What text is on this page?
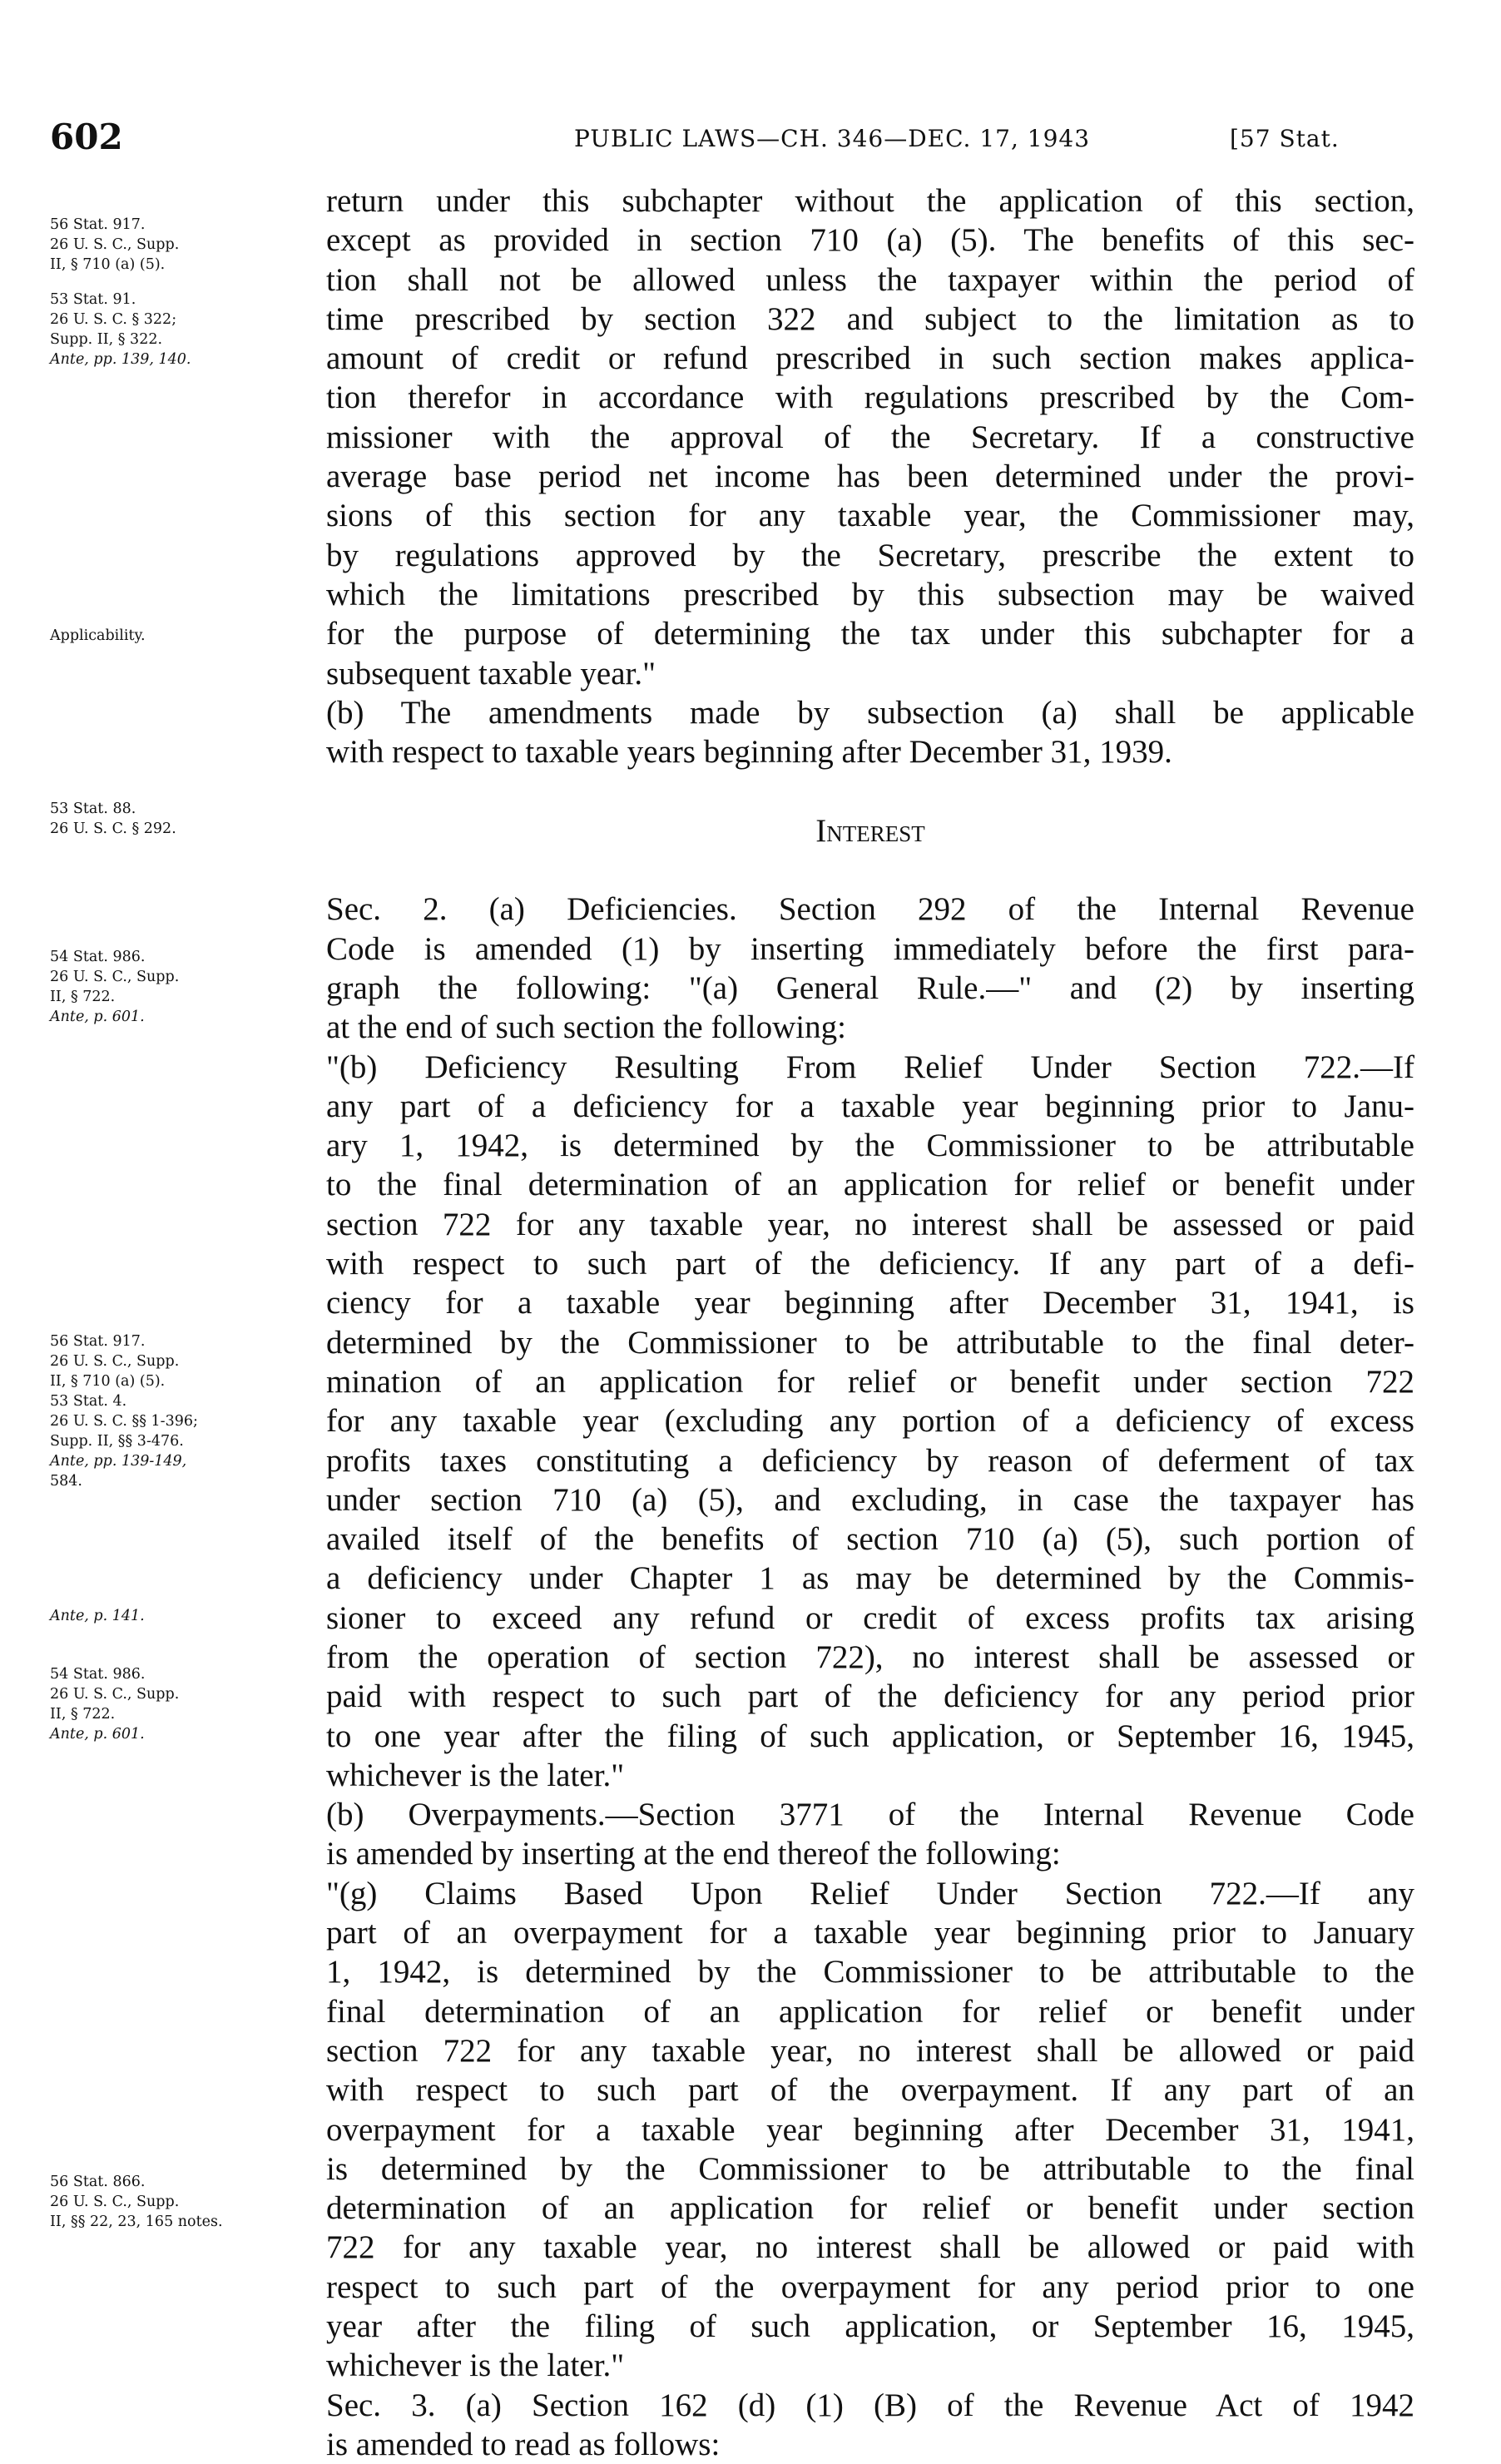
602	PUBLIC LAWS—CH. 346—DEC. 17, 1943	[57 Stat.
56 Stat. 917.
26 U. S. C., Supp.
II, § 710 (a) (5).
53 Stat. 91.
26 U. S. C. § 322;
Supp. II, § 322.
Ante, pp. 139, 140.
Applicability.
53 Stat. 88.
26 U. S. C. § 292.
54 Stat. 986.
26 U. S. C., Supp.
II, § 722.
Ante, p. 601.
56 Stat. 917.
26 U. S. C., Supp.
II, § 710 (a) (5).
53 Stat. 4.
26 U. S. C. §§ 1-396;
Supp. II, §§ 3-476.
Ante, pp. 139-149,
584.
Ante, p. 141.
54 Stat. 986.
26 U. S. C., Supp.
II, § 722.
Ante, p. 601.
56 Stat. 866.
26 U. S. C., Supp.
II, §§ 22, 23, 165 notes.
return under this subchapter without the application of this section,
except as provided in section 710 (a) (5). The benefits of this sec-
tion shall not be allowed unless the taxpayer within the period of
time prescribed by section 322 and subject to the limitation as to
amount of credit or refund prescribed in such section makes applica-
tion therefor in accordance with regulations prescribed by the Com-
missioner with the approval of the Secretary. If a constructive
average base period net income has been determined under the provi-
sions of this section for any taxable year, the Commissioner may,
by regulations approved by the Secretary, prescribe the extent to
which the limitations prescribed by this subsection may be waived
for the purpose of determining the tax under this subchapter for a
subsequent taxable year."
(b) The amendments made by subsection (a) shall be applicable
with respect to taxable years beginning after December 31, 1939.
Interest
Sec. 2. (a) Deficiencies. Section 292 of the Internal Revenue
Code is amended (1) by inserting immediately before the first para-
graph the following: "(a) General Rule.—" and (2) by inserting
at the end of such section the following:
"(b) Deficiency Resulting From Relief Under Section 722.—If
any part of a deficiency for a taxable year beginning prior to Janu-
ary 1, 1942, is determined by the Commissioner to be attributable
to the final determination of an application for relief or benefit under
section 722 for any taxable year, no interest shall be assessed or paid
with respect to such part of the deficiency. If any part of a defi-
ciency for a taxable year beginning after December 31, 1941, is
determined by the Commissioner to be attributable to the final deter-
mination of an application for relief or benefit under section 722
for any taxable year (excluding any portion of a deficiency of excess
profits taxes constituting a deficiency by reason of deferment of tax
under section 710 (a) (5), and excluding, in case the taxpayer has
availed itself of the benefits of section 710 (a) (5), such portion of
a deficiency under Chapter 1 as may be determined by the Commis-
sioner to exceed any refund or credit of excess profits tax arising
from the operation of section 722), no interest shall be assessed or
paid with respect to such part of the deficiency for any period prior
to one year after the filing of such application, or September 16, 1945,
whichever is the later."
(b) Overpayments.—Section 3771 of the Internal Revenue Code
is amended by inserting at the end thereof the following:
"(g) Claims Based Upon Relief Under Section 722.—If any
part of an overpayment for a taxable year beginning prior to January
1, 1942, is determined by the Commissioner to be attributable to the
final determination of an application for relief or benefit under
section 722 for any taxable year, no interest shall be allowed or paid
with respect to such part of the overpayment. If any part of an
overpayment for a taxable year beginning after December 31, 1941,
is determined by the Commissioner to be attributable to the final
determination of an application for relief or benefit under section
722 for any taxable year, no interest shall be allowed or paid with
respect to such part of the overpayment for any period prior to one
year after the filing of such application, or September 16, 1945,
whichever is the later."
Sec. 3. (a) Section 162 (d) (1) (B) of the Revenue Act of 1942
is amended to read as follows:
